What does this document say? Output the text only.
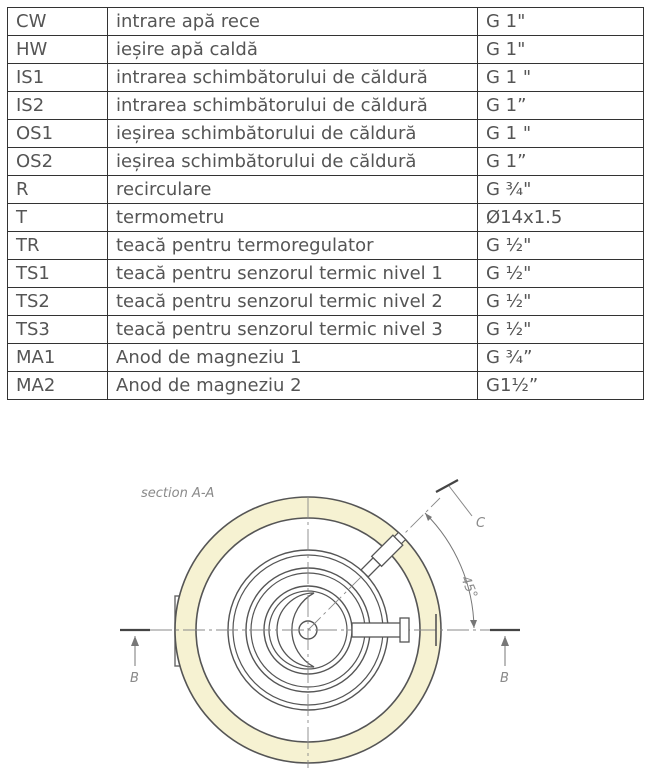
CW	intrare apă rece	G 1"
HW	ieșire apă caldă	G 1"
IS1	intrarea schimbătorului de căldură	G 1 "
IS2	intrarea schimbătorului de căldură	G 1”
OS1	ieșirea schimbătorului de căldură	G 1 "
OS2	ieșirea schimbătorului de căldură	G 1”
R	recirculare	G ¾"
T	termometru	Ø14x1.5
TR	teacă pentru termoregulator	G ½"
TS1	teacă pentru senzorul termic nivel 1	G ½"
TS2	teacă pentru senzorul termic nivel 2	G ½"
TS3	teacă pentru senzorul termic nivel 3	G ½"
MA1	Anod de magneziu 1	G ¾”
MA2	Anod de magneziu 2	G1½”
section A-A
C
45°
B	B
